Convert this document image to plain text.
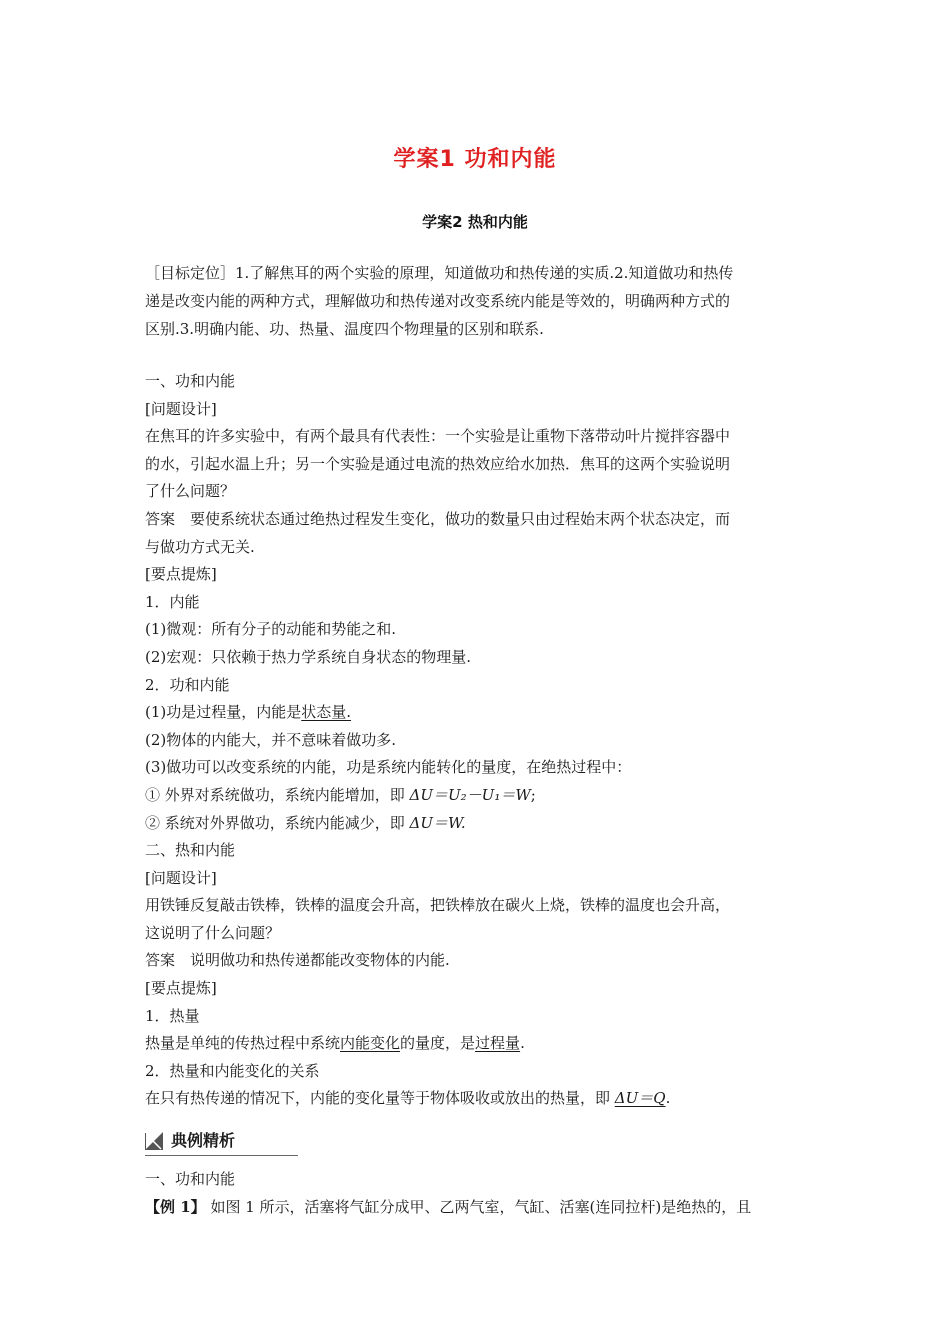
学案1 功和内能
学案2 热和内能
［目标定位］1.了解焦耳的两个实验的原理，知道做功和热传递的实质.2.知道做功和热传
递是改变内能的两种方式，理解做功和热传递对改变系统内能是等效的，明确两种方式的
区别.3.明确内能、功、热量、温度四个物理量的区别和联系.
一、功和内能
[问题设计]
在焦耳的许多实验中，有两个最具有代表性：一个实验是让重物下落带动叶片搅拌容器中
的水，引起水温上升；另一个实验是通过电流的热效应给水加热．焦耳的这两个实验说明
了什么问题？
答案　要使系统状态通过绝热过程发生变化，做功的数量只由过程始末两个状态决定，而
与做功方式无关.
[要点提炼]
1．内能
(1)微观：所有分子的动能和势能之和.
(2)宏观：只依赖于热力学系统自身状态的物理量.
2．功和内能
(1)功是过程量，内能是状态量.
(2)物体的内能大，并不意味着做功多.
(3)做功可以改变系统的内能，功是系统内能转化的量度，在绝热过程中：
① 外界对系统做功，系统内能增加，即 ΔU＝U₂－U₁＝W;
② 系统对外界做功，系统内能减少，即 ΔU＝W.
二、热和内能
[问题设计]
用铁锤反复敲击铁棒，铁棒的温度会升高，把铁棒放在碳火上烧，铁棒的温度也会升高，
这说明了什么问题？
答案　说明做功和热传递都能改变物体的内能.
[要点提炼]
1．热量
热量是单纯的传热过程中系统内能变化的量度，是过程量.
2．热量和内能变化的关系
在只有热传递的情况下，内能的变化量等于物体吸收或放出的热量，即 ΔU＝Q.
典例精析
一、功和内能
【例 1】 如图 1 所示，活塞将气缸分成甲、乙两气室，气缸、活塞(连同拉杆)是绝热的，且
